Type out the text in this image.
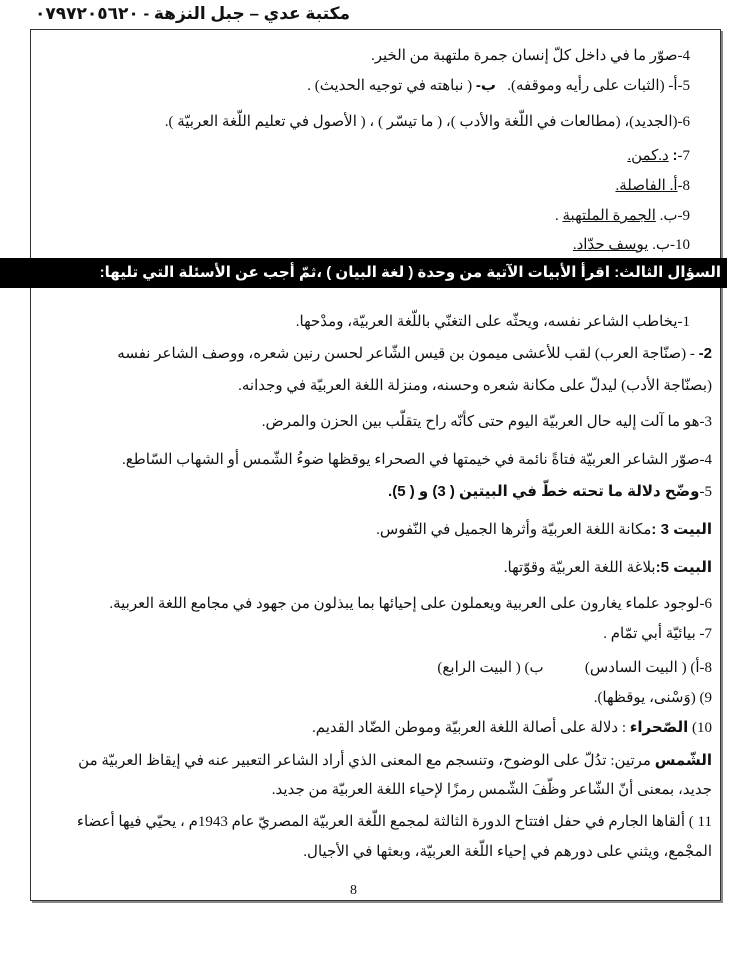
مكتبة عدي – جبل النزهة - ٠٧٩٧٢٠٥٦٢٠
4-صوّر ما في داخل كلّ إنسان جمرة ملتهبة من الخير.
5-أ- (الثبات على رأيه وموقفه).   ب- ( نباهته في توجيه الحديث) .
6-(الجديد)، (مطالعات في اللّغة والأدب )، ( ما تيسّر ) ، ( الأصول في تعليم اللّغة العربيّة ).
7-: د.كمن.
8-أ. الفاصلة.
9-ب. الجمرة الملتهبة .
10-ب. يوسف حدّاد.
السؤال الثالث: اقرأ الأبيات الآتية من وحدة ( لغة البيان ) ،ثمّ أجب عن الأسئلة التي تليها:
1-يخاطب الشاعر نفسه، ويحثّه على التغنّي باللّغة العربيّة، ومدْحها.
2- - (صنّاجة العرب) لقب للأعشى ميمون بن قيس الشّاعر لحسن رنين شعره، ووصف الشاعر نفسه
(بصنّاجة الأدب) ليدلّ على مكانة شعره وحسنه، ومنزلة اللغة العربيّة في وجدانه.
3-هو ما آلت إليه حال العربيّة اليوم حتى كأنّه راح يتقلّب بين الحزن والمرض.
4-صوّر الشاعر العربيّة فتاةً نائمة في خيمتها في الصحراء يوقظها ضوءُ الشّمس أو الشهاب السّاطع.
5-وضّح دلالة ما تحته خطّ في البيتين ( 3) و ( 5).
البيت 3 :مكانة اللغة العربيّة وأثرها الجميل في النّفوس.
البيت 5:بلاغة اللغة العربيّة وقوّتها.
6-لوجود علماء يغارون على العربية ويعملون على إحيائها بما يبذلون من جهود في مجامع اللغة العربية.
7- بيائيّة أبي تمّام .
8-أ) ( البيت السادس)           ب) ( البيت الرابع)
9) (وَسْنى، يوقظها).
10) الصّحراء : دلالة على أصالة اللغة العربيّة وموطن الضّاد القديم.
الشّمس مرتين: تدُلّ على الوضوح، وتنسجم مع المعنى الذي أراد الشاعر التعبير عنه في إيقاظ العربيّة من
جديد، بمعنى أنّ الشّاعر وظّفَ الشّمس رمزًا لإحياء اللغة العربيّة من جديد.
11 ) ألقاها الجارم في حفل افتتاح الدورة الثالثة لمجمع اللّغة العربيّة المصريّ عام 1943م ، يحيّي فيها أعضاء
المجْمع، ويثني على دورهم في إحياء اللّغة العربيّة، وبعثها في الأجيال.
8
